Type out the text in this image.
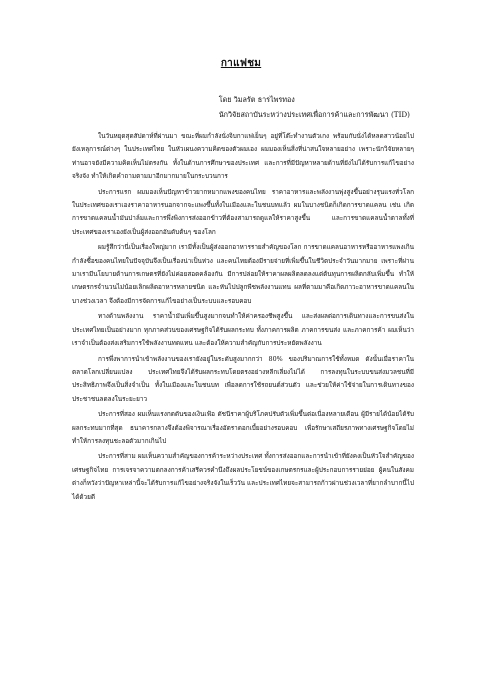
กาแฟชม
โดย วิมลรัต ธารไพรทอง
นักวิจัยสถาบันระหว่างประเทศเพื่อการค้าและการพัฒนา (TID)

ในวันหยุดสุดสัปดาห์ที่ผ่านมา ขณะที่ผมกำลังนั่งจิบกาแฟเย็นๆ อยู่ที่โต๊ะทำงานตัวเกง พร้อมกับนั่งได้หลดสาวน้อยไปยังเหลุการณ์ต่างๆ ในประเทศไทย ในหัวเผนงความคิดของตัวผมเอง ผมมองเห็นสิ่งที่น่าสนใจหลายอย่าง เพราะนักวิจัยหลายๆ ท่านอาจยังมีความคิดเห็นไม่ตรงกัน ทั้งในด้านการศึกษาของประเทศ และการที่มีปัญหาหลายด้านที่ยังไม่ได้รับการแก้ไขอย่างจริงจัง ทำให้เกิดคำถามตามมาอีกมากมายในกระบวนการ

ประการแรก ผมมองเห็นปัญหาข้าวยากหมากแพงของคนไทย ราคาอาหารและพลังงานพุ่งสูงขึ้นอย่างรุนแรงทั่วโลก ในประเทศของเราเองราคาอาหารนอกจากจะแพงขึ้นทั้งในเมืองและในชนบทแล้ว ผมในบางชนิดก็เกิดการขาดแคลน เช่น เกิดการขาดแคลนน้ำมันปาล์มและการพึ่งพิงการส่งออกข้าวที่ต้องสามารถดูแลให้ราคาสูงขึ้น และการขาดแคลนน้ำตาลทั้งที่ประเทศของเราเองยังเป็นผู้ส่งออกอันดับต้นๆ ของโลก

ผมรู้สึกว่านี่เป็นเรื่องใหญ่มาก เรามีทั้งเป็นผู้ส่งออกอาหารรายสำคัญของโลก การขาดแคลนอาหารหรืออาหารแพงเกินกำลังซื้อของคนไทยในปัจจุบันจึงเป็นเรื่องน่าเป็นห่วง และคนไทยต้องมีรายจ่ายที่เพิ่มขึ้นในชีวิตประจำวันมากมาย เพราะที่ผ่านมาเรามีนโยบายด้านการเกษตรที่ยังไม่ค่อยสอดคล้องกัน มีการปล่อยให้ราคาผลผลิตลดลงแต่ต้นทุนการผลิตกลับเพิ่มขึ้น ทำให้เกษตรกรจำนวนไม่น้อยเลิกผลิตอาหารหลายชนิด และหันไปปลูกพืชพลังงานแทน ผลที่ตามมาคือเกิดภาวะอาหารขาดแคลนในบางช่วงเวลา จึงต้องมีการจัดการแก้ไขอย่างเป็นระบบและรอบคอบ

ทางด้านพลังงาน ราคาน้ำมันเพิ่มขึ้นสูงมากจนทำให้ค่าครองชีพสูงขึ้น และส่งผลต่อการเดินทางและการขนส่งในประเทศไทยเป็นอย่างมาก ทุกภาคส่วนของเศรษฐกิจได้รับผลกระทบ ทั้งภาคการผลิต ภาคการขนส่ง และภาคการค้า ผมเห็นว่าเราจำเป็นต้องส่งเสริมการใช้พลังงานทดแทน และต้องให้ความสำคัญกับการประหยัดพลังงาน

การพึ่งพาการนำเข้าพลังงานของเรายังอยู่ในระดับสูงมากกว่า 80% ของปริมาณการใช้ทั้งหมด ดังนั้นเมื่อราคาในตลาดโลกเปลี่ยนแปลง ประเทศไทยจึงได้รับผลกระทบโดยตรงอย่างหลีกเลี่ยงไม่ได้ การลงทุนในระบบขนส่งมวลชนที่มีประสิทธิภาพจึงเป็นสิ่งจำเป็น ทั้งในเมืองและในชนบท เพื่อลดการใช้รถยนต์ส่วนตัว และช่วยให้ค่าใช้จ่ายในการเดินทางของประชาชนลดลงในระยะยาว

ประการที่สอง ผมเห็นแรงกดดันของเงินเฟ้อ ดัชนีราคาผู้บริโภคปรับตัวเพิ่มขึ้นต่อเนื่องหลายเดือน ผู้มีรายได้น้อยได้รับผลกระทบมากที่สุด ธนาคารกลางจึงต้องพิจารณาเรื่องอัตราดอกเบี้ยอย่างรอบคอบ เพื่อรักษาเสถียรภาพทางเศรษฐกิจโดยไม่ทำให้การลงทุนชะลอตัวมากเกินไป

ประการที่สาม ผมเห็นความสำคัญของการค้าระหว่างประเทศ ทั้งการส่งออกและการนำเข้าที่ยังคงเป็นหัวใจสำคัญของเศรษฐกิจไทย การเจรจาความตกลงการค้าเสรีควรคำนึงถึงผลประโยชน์ของเกษตรกรและผู้ประกอบการรายย่อย ผู้คนในสังคมต่างก็หวังว่าปัญหาเหล่านี้จะได้รับการแก้ไขอย่างจริงจังในเร็ววัน และประเทศไทยจะสามารถก้าวผ่านช่วงเวลาที่ยากลำบากนี้ไปได้ด้วยดี
